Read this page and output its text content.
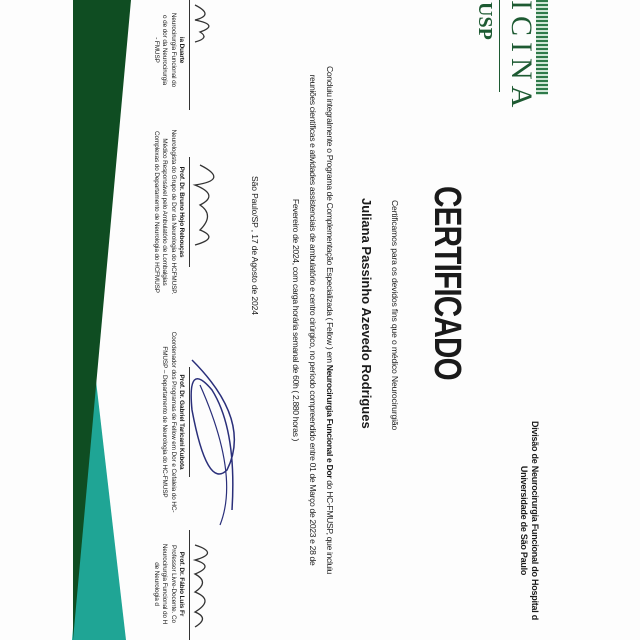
ICINA
USP
Divisão de Neurocirurgia Funcional do Hospital d
Universidade de São Paulo
CERTIFICADO
Certificamos para os devidos fins que o médico Neurocirurgião
Juliana Passinho Azevedo Rodrigues
Concluiu integralmente o Programa de Complementação Especializada ( Fellow ) em Neurocirurgia Funcional e Dor do HC-FMUSP, que incluiu
reuniões científicas e atividades assistenciais de ambulatório e centro cirúrgico, no período compreendido entre 01 de Março de 2023 e 28 de
Fevereiro de 2024, com carga horária semanal de 60h ( 2.880 horas )
São Paulo/SP , 17 de Agosto de 2024
ia Duarte
Neurocirurgia Funcional do
o de dor da Neurocirurgia
- FMUSP
Prof. Dr. Bruno Hojo Rebouças
Neurologista do Grupo de Dor da Neurologia do HCFMUSP.
Médico Responsável pelo Ambulatório de Lombalgias
Complexas do Departamento de Neurologia do HCFMUSP
Prof. Dr. Gabriel Taricani Kubota
Coordenador dos Programas de Fellow em Dor e Cefaleia do HC-
FMUSP – Departamento de Neurologia do HC-FMUSP
Prof. Dr. Fábio Luis Fr
Professor Livre-Docente. Co
Neurocirurgia Funcional do H
de Neurologia d
